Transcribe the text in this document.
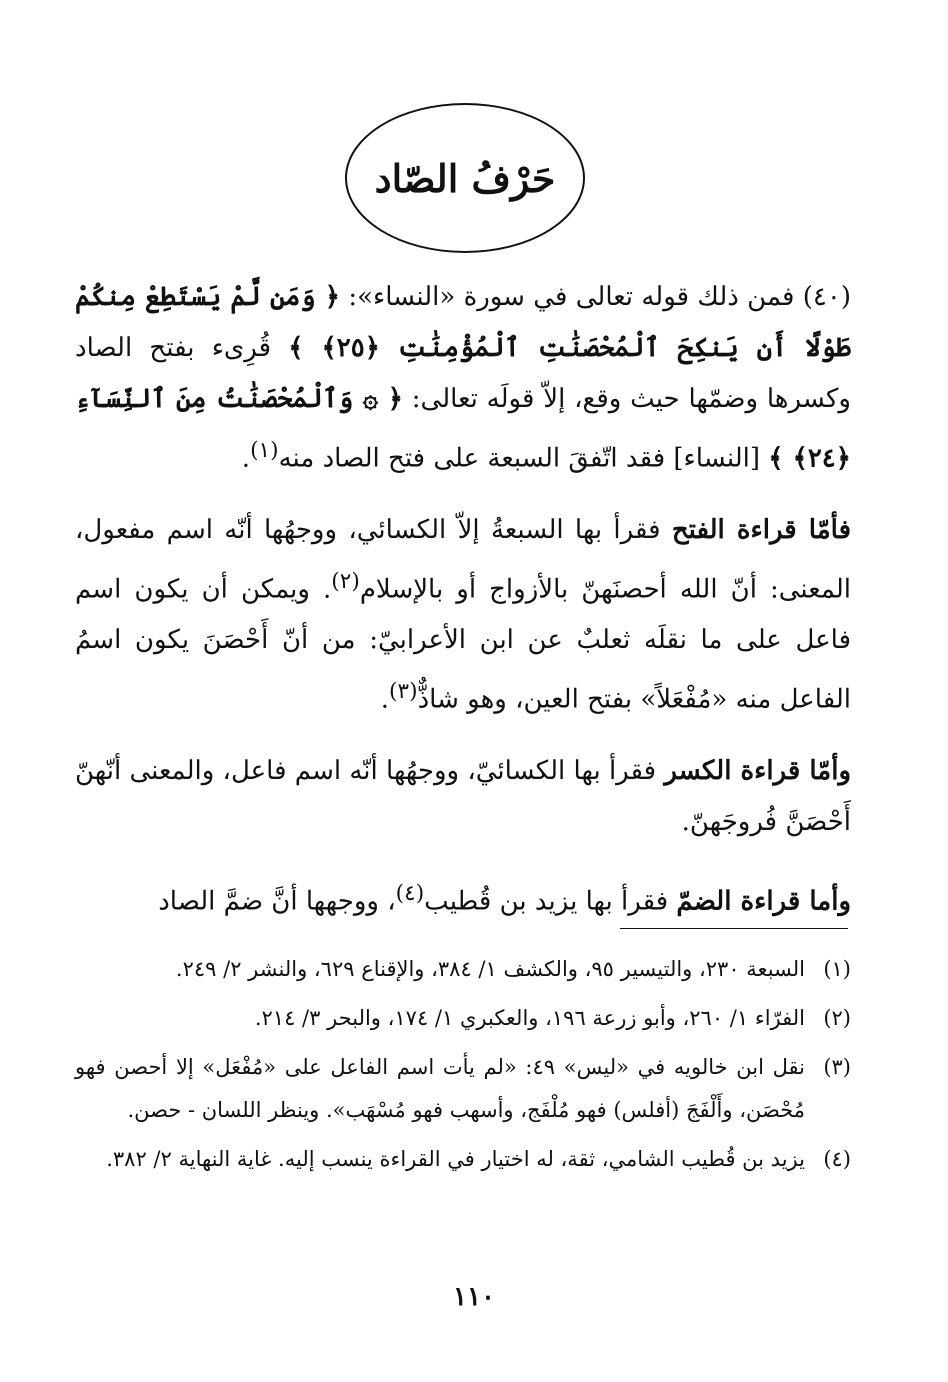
حَرْفُ الصّاد

(٤٠) فمن ذلك قوله تعالى في سورة «النساء»: ﴿ وَمَن لَّمْ يَسْتَطِعْ مِنكُمْ طَوْلًا أَن يَنكِحَ ٱلْمُحْصَنَٰتِ ٱلْمُؤْمِنَٰتِ ﴿٢٥﴾ ﴾ قُرِىء بفتح الصاد وكسرها وضمّها حيث وقع، إلاّ قولَه تعالى: ﴿ ۞ وَٱلْمُحْصَنَٰتُ مِنَ ٱلنِّسَآءِ ﴿٢٤﴾ ﴾ [النساء] فقد اتّفقَ السبعة على فتح الصاد منه$^{(١)}$.

فأمّا قراءة الفتح فقرأ بها السبعةُ إلاّ الكسائي، ووجهُها أنّه اسم مفعول، المعنى: أنّ الله أحصنَهنّ بالأزواج أو بالإسلام$^{(٢)}$. ويمكن أن يكون اسم فاعل على ما نقلَه ثعلبٌ عن ابن الأعرابيّ: من أنّ أَحْصَنَ يكون اسمُ الفاعل منه «مُفْعَلاً» بفتح العين، وهو شاذٌّ$^{(٣)}$.

وأمّا قراءة الكسر فقرأ بها الكسائيّ، ووجهُها أنّه اسم فاعل، والمعنى أنّهنّ أَحْصَنَّ فُروجَهنّ.

وأما قراءة الضمّ فقرأ بها يزيد بن قُطيب$^{(٤)}$، ووجهها أنَّ ضمَّ الصاد

(١)
السبعة ٢٣٠، والتيسير ٩٥، والكشف ١/ ٣٨٤، والإقناع ٦٢٩، والنشر ٢/ ٢٤٩.
(٢)
الفرّاء ١/ ٢٦٠، وأبو زرعة ١٩٦، والعكبري ١/ ١٧٤، والبحر ٣/ ٢١٤.
(٣)
نقل ابن خالويه في «ليس» ٤٩: «لم يأت اسم الفاعل على «مُفْعَل» إلا أحصن فهو مُحْصَن، وأَلْفَجَ (أفلس) فهو مُلْفَج، وأسهب فهو مُسْهَب». وينظر اللسان - حصن.
(٤)
يزيد بن قُطيب الشامي، ثقة، له اختيار في القراءة ينسب إليه. غاية النهاية ٢/ ٣٨٢.
١١٠
